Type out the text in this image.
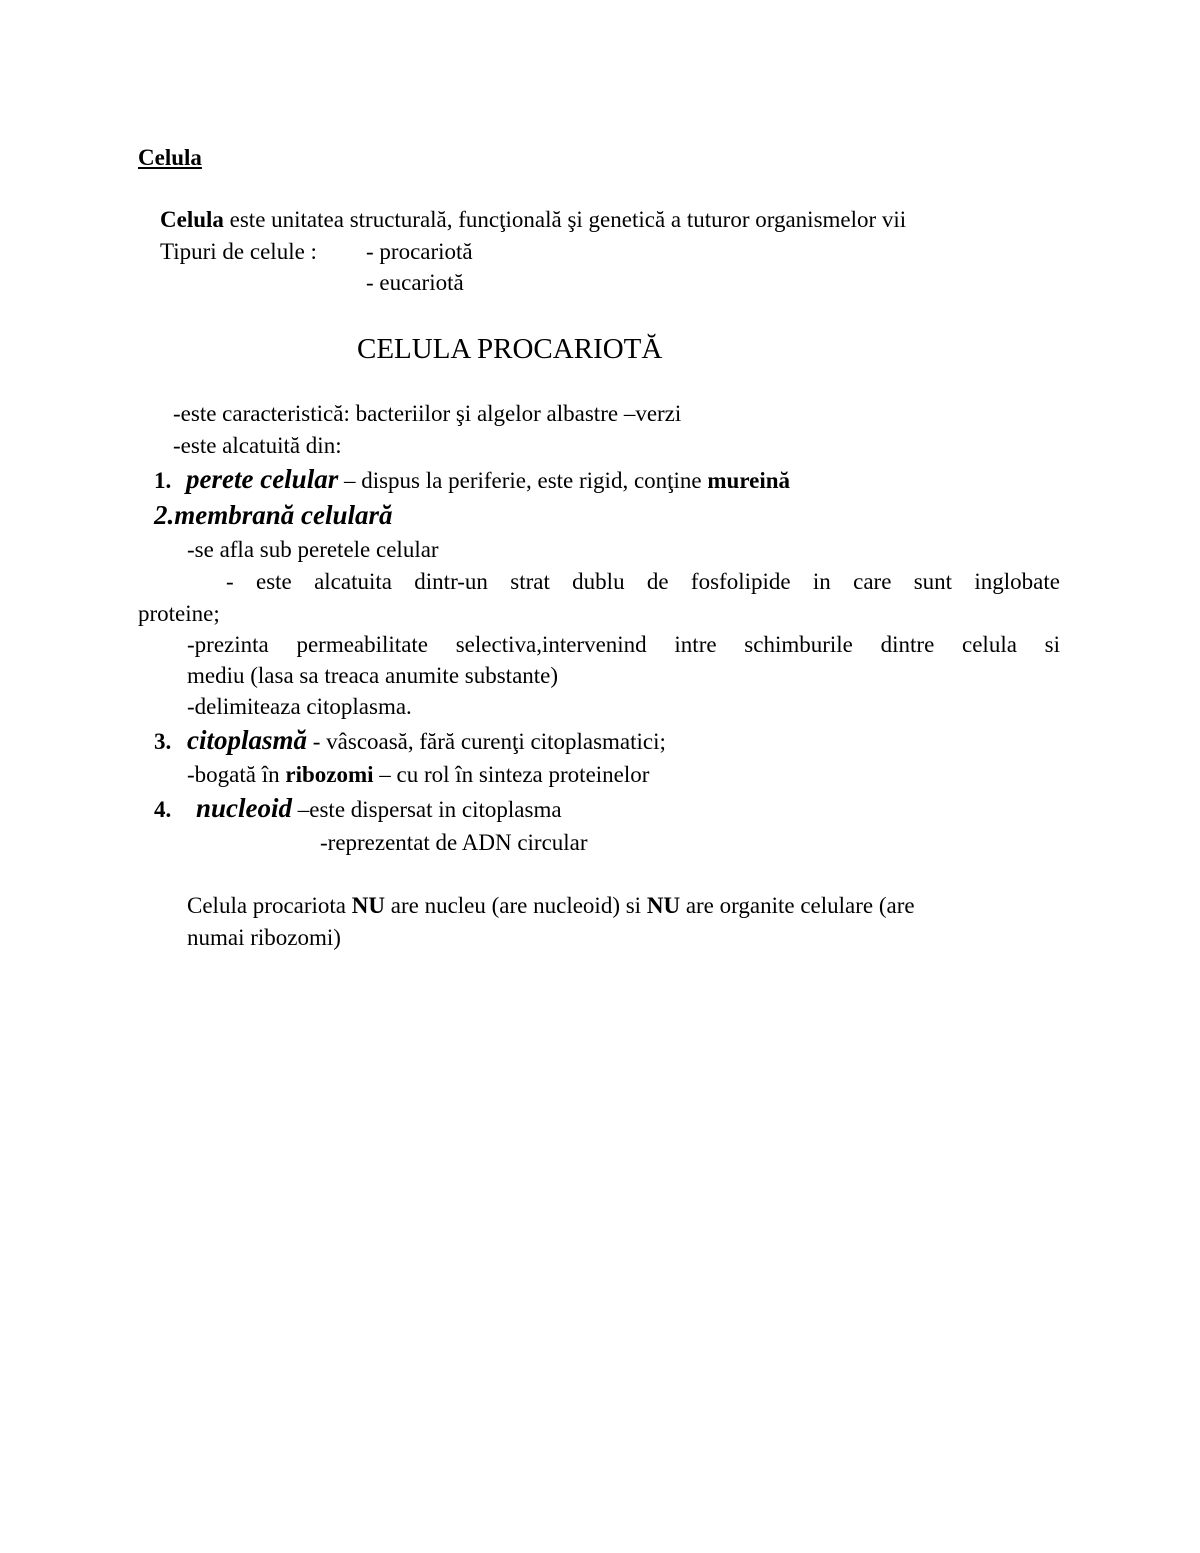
Celula
Celula este unitatea structurală, funcţională şi genetică a tuturor organismelor vii
Tipuri de celule : - procariotă
- eucariotă
CELULA PROCARIOTĂ
-este caracteristică: bacteriilor şi algelor albastre –verzi
-este alcatuită din:
1. perete celular – dispus la periferie, este rigid, conţine mureină
2.membrană celulară
-se afla sub peretele celular
- este alcatuita dintr-un strat dublu de fosfolipide in care sunt inglobate
proteine;
-prezinta permeabilitate selectiva,intervenind intre schimburile dintre celula si
mediu (lasa sa treaca anumite substante)
-delimiteaza citoplasma.
3. citoplasmă - vâscoasă, fără curenţi citoplasmatici;
-bogată în ribozomi – cu rol în sinteza proteinelor
4. nucleoid –este dispersat in citoplasma
-reprezentat de ADN circular
Celula procariota NU are nucleu (are nucleoid) si NU are organite celulare (are
numai ribozomi)
